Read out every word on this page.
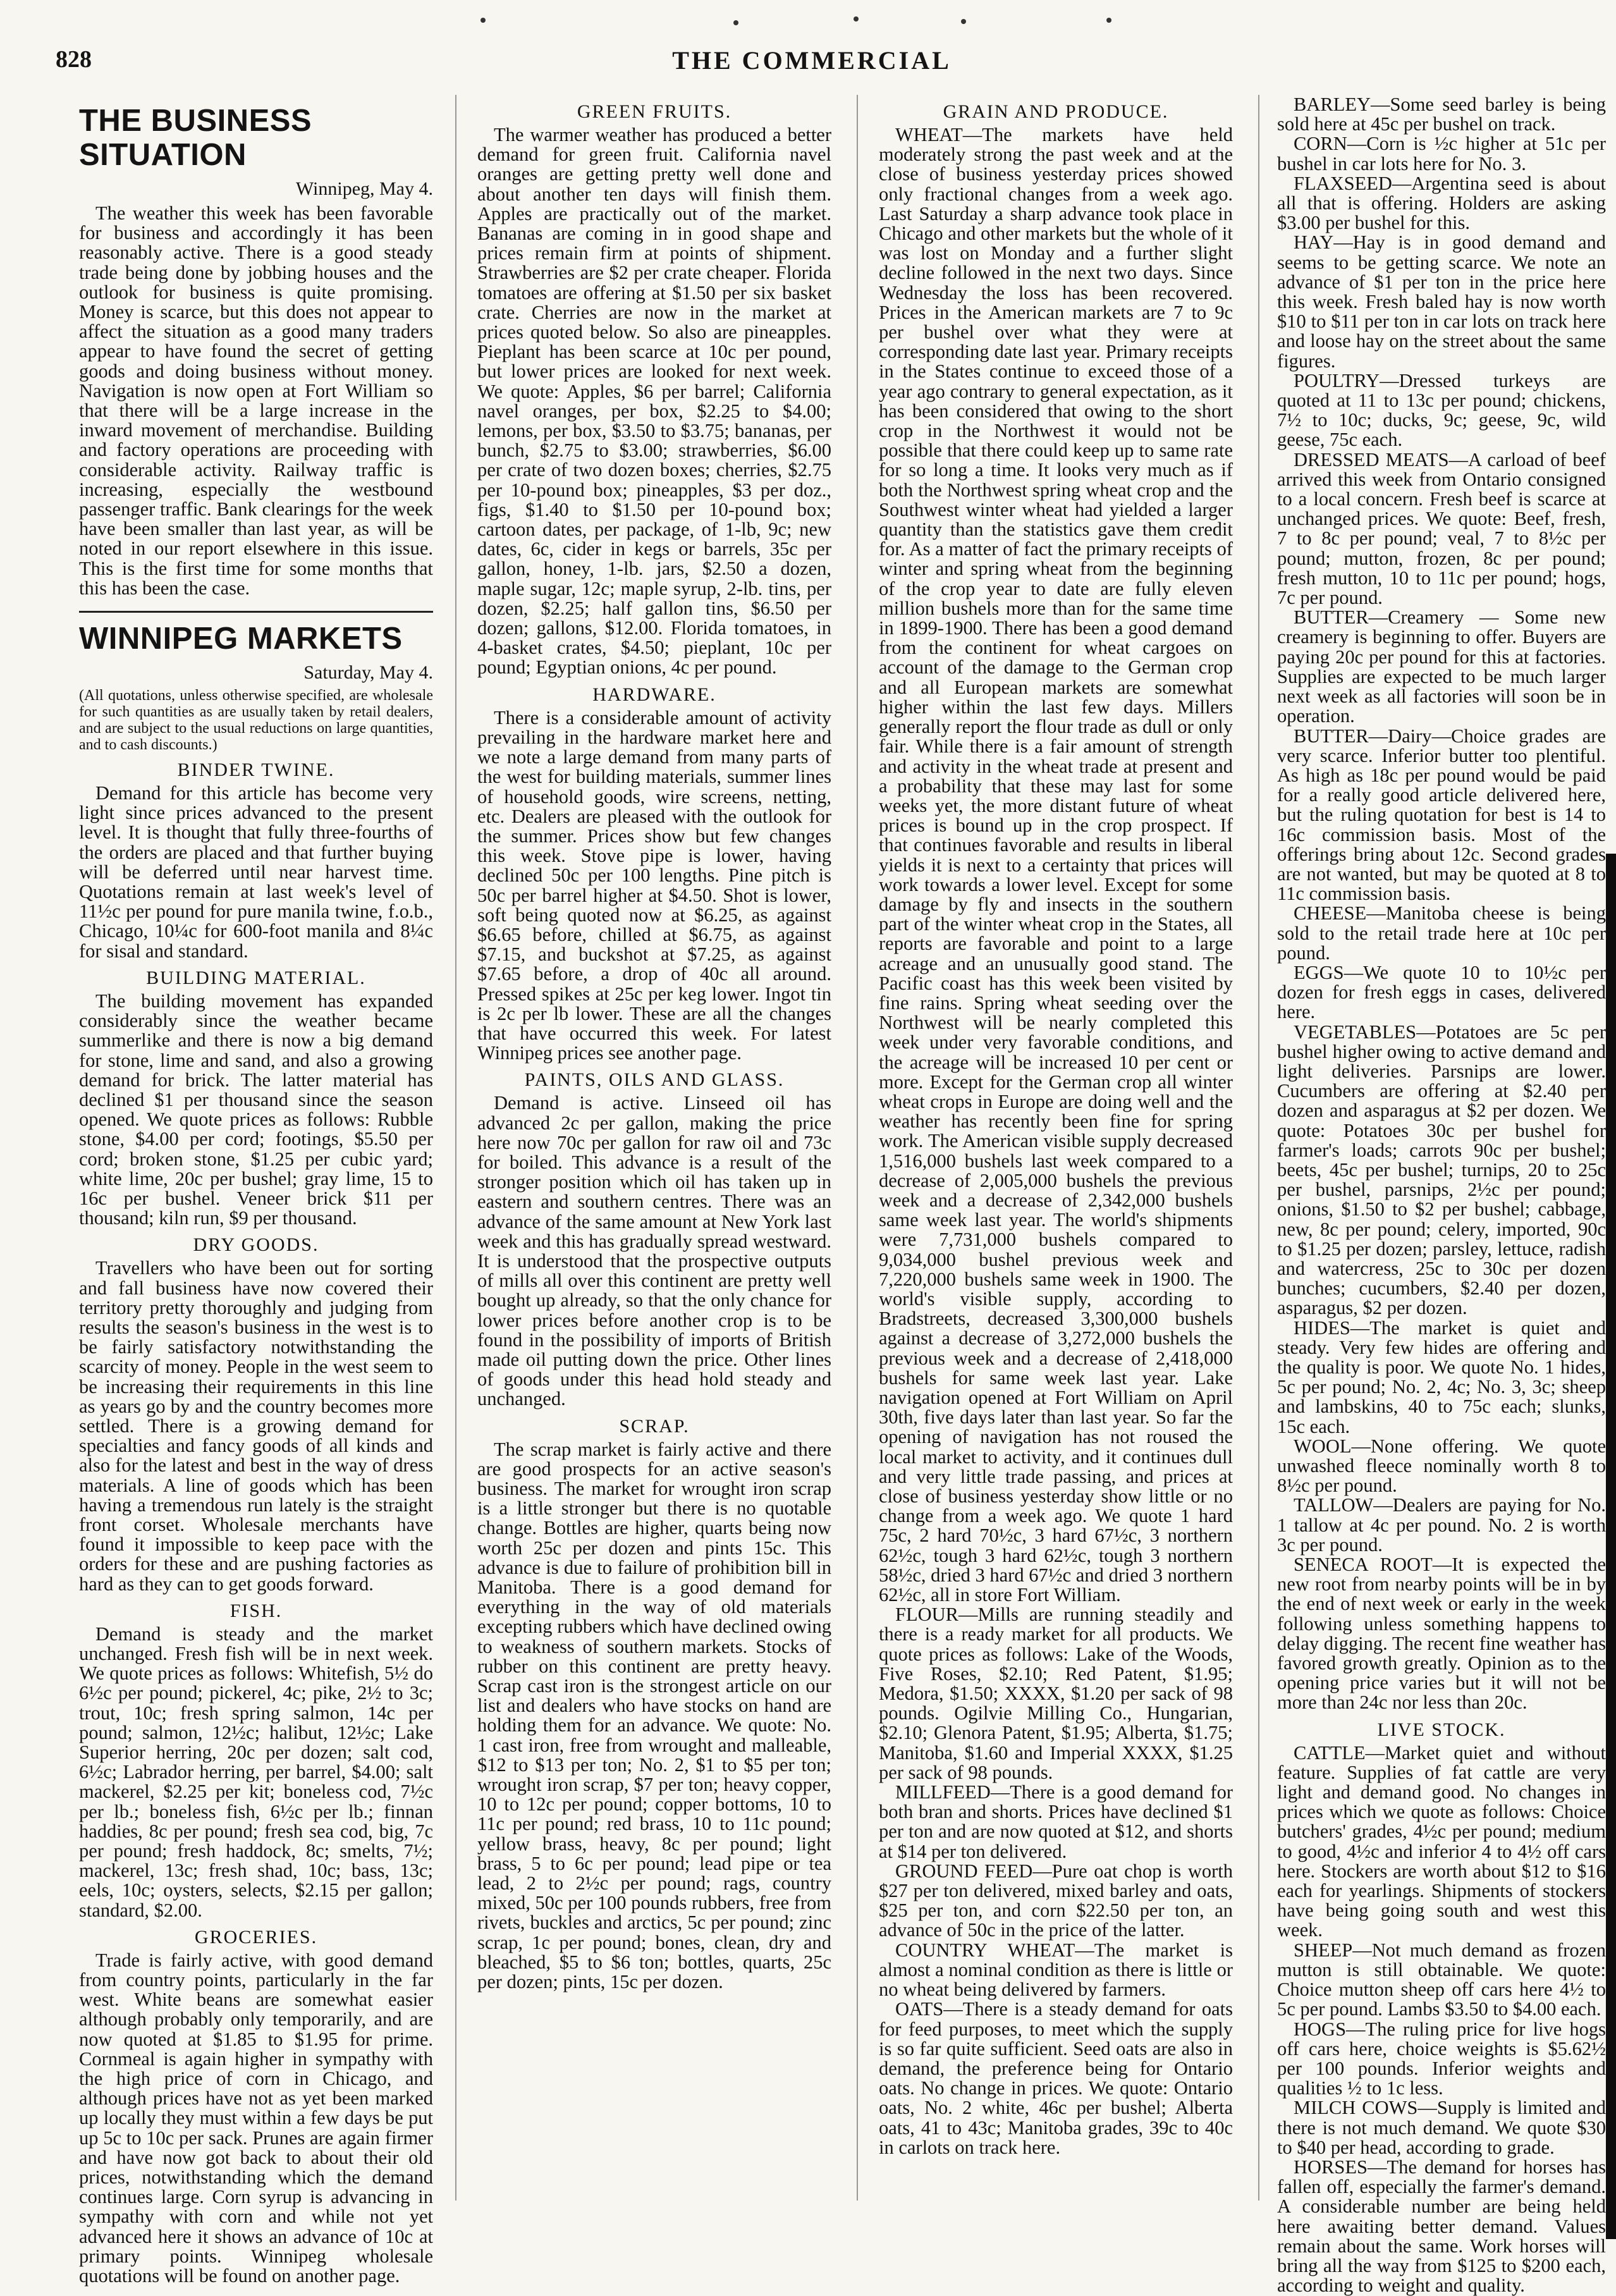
828	THE COMMERCIAL
THE BUSINESS SITUATION
Winnipeg, May 4.

The weather this week has been favorable for business and accordingly it has been reasonably active. There is a good steady trade being done by jobbing houses and the outlook for business is quite promising. Money is scarce, but this does not appear to affect the situation as a good many traders appear to have found the secret of getting goods and doing business without money. Navigation is now open at Fort William so that there will be a large increase in the inward movement of merchandise. Building and factory operations are proceeding with considerable activity. Railway traffic is increasing, especially the westbound passenger traffic. Bank clearings for the week have been smaller than last year, as will be noted in our report elsewhere in this issue. This is the first time for some months that this has been the case.

WINNIPEG MARKETS
Saturday, May 4.
(All quotations, unless otherwise specified, are wholesale for such quantities as are usually taken by retail dealers, and are subject to the usual reductions on large quantities, and to cash discounts.)
BINDER TWINE.

Demand for this article has become very light since prices advanced to the present level. It is thought that fully three-fourths of the orders are placed and that further buying will be deferred until near harvest time. Quotations remain at last week's level of 11½c per pound for pure manila twine, f.o.b., Chicago, 10¼c for 600-foot manila and 8¼c for sisal and standard.

BUILDING MATERIAL.

The building movement has expanded considerably since the weather became summerlike and there is now a big demand for stone, lime and sand, and also a growing demand for brick. The latter material has declined $1 per thousand since the season opened. We quote prices as follows: Rubble stone, $4.00 per cord; footings, $5.50 per cord; broken stone, $1.25 per cubic yard; white lime, 20c per bushel; gray lime, 15 to 16c per bushel. Veneer brick $11 per thousand; kiln run, $9 per thousand.

DRY GOODS.

Travellers who have been out for sorting and fall business have now covered their territory pretty thoroughly and judging from results the season's business in the west is to be fairly satisfactory notwithstanding the scarcity of money. People in the west seem to be increasing their requirements in this line as years go by and the country becomes more settled. There is a growing demand for specialties and fancy goods of all kinds and also for the latest and best in the way of dress materials. A line of goods which has been having a tremendous run lately is the straight front corset. Wholesale merchants have found it impossible to keep pace with the orders for these and are pushing factories as hard as they can to get goods forward.

FISH.

Demand is steady and the market unchanged. Fresh fish will be in next week. We quote prices as follows: Whitefish, 5½ do 6½c per pound; pickerel, 4c; pike, 2½ to 3c; trout, 10c; fresh spring salmon, 14c per pound; salmon, 12½c; halibut, 12½c; Lake Superior herring, 20c per dozen; salt cod, 6½c; Labrador herring, per barrel, $4.00; salt mackerel, $2.25 per kit; boneless cod, 7½c per lb.; boneless fish, 6½c per lb.; finnan haddies, 8c per pound; fresh sea cod, big, 7c per pound; fresh haddock, 8c; smelts, 7½; mackerel, 13c; fresh shad, 10c; bass, 13c; eels, 10c; oysters, selects, $2.15 per gallon; standard, $2.00.

GROCERIES.

Trade is fairly active, with good demand from country points, particularly in the far west. White beans are somewhat easier although probably only temporarily, and are now quoted at $1.85 to $1.95 for prime. Cornmeal is again higher in sympathy with the high price of corn in Chicago, and although prices have not as yet been marked up locally they must within a few days be put up 5c to 10c per sack. Prunes are again firmer and have now got back to about their old prices, notwithstanding which the demand continues large. Corn syrup is advancing in sympathy with corn and while not yet advanced here it shows an advance of 10c at primary points. Winnipeg wholesale quotations will be found on another page.

GREEN FRUITS.

The warmer weather has produced a better demand for green fruit. California navel oranges are getting pretty well done and about another ten days will finish them. Apples are practically out of the market. Bananas are coming in in good shape and prices remain firm at points of shipment. Strawberries are $2 per crate cheaper. Florida tomatoes are offering at $1.50 per six basket crate. Cherries are now in the market at prices quoted below. So also are pineapples. Pieplant has been scarce at 10c per pound, but lower prices are looked for next week. We quote: Apples, $6 per barrel; California navel oranges, per box, $2.25 to $4.00; lemons, per box, $3.50 to $3.75; bananas, per bunch, $2.75 to $3.00; strawberries, $6.00 per crate of two dozen boxes; cherries, $2.75 per 10-pound box; pineapples, $3 per doz., figs, $1.40 to $1.50 per 10-pound box; cartoon dates, per package, of 1-lb, 9c; new dates, 6c, cider in kegs or barrels, 35c per gallon, honey, 1-lb. jars, $2.50 a dozen, maple sugar, 12c; maple syrup, 2-lb. tins, per dozen, $2.25; half gallon tins, $6.50 per dozen; gallons, $12.00. Florida tomatoes, in 4-basket crates, $4.50; pieplant, 10c per pound; Egyptian onions, 4c per pound.

HARDWARE.

There is a considerable amount of activity prevailing in the hardware market here and we note a large demand from many parts of the west for building materials, summer lines of household goods, wire screens, netting, etc. Dealers are pleased with the outlook for the summer. Prices show but few changes this week. Stove pipe is lower, having declined 50c per 100 lengths. Pine pitch is 50c per barrel higher at $4.50. Shot is lower, soft being quoted now at $6.25, as against $6.65 before, chilled at $6.75, as against $7.15, and buckshot at $7.25, as against $7.65 before, a drop of 40c all around. Pressed spikes at 25c per keg lower. Ingot tin is 2c per lb lower. These are all the changes that have occurred this week. For latest Winnipeg prices see another page.

PAINTS, OILS AND GLASS.

Demand is active. Linseed oil has advanced 2c per gallon, making the price here now 70c per gallon for raw oil and 73c for boiled. This advance is a result of the stronger position which oil has taken up in eastern and southern centres. There was an advance of the same amount at New York last week and this has gradually spread westward. It is understood that the prospective outputs of mills all over this continent are pretty well bought up already, so that the only chance for lower prices before another crop is to be found in the possibility of imports of British made oil putting down the price. Other lines of goods under this head hold steady and unchanged.

SCRAP.

The scrap market is fairly active and there are good prospects for an active season's business. The market for wrought iron scrap is a little stronger but there is no quotable change. Bottles are higher, quarts being now worth 25c per dozen and pints 15c. This advance is due to failure of prohibition bill in Manitoba. There is a good demand for everything in the way of old materials excepting rubbers which have declined owing to weakness of southern markets. Stocks of rubber on this continent are pretty heavy. Scrap cast iron is the strongest article on our list and dealers who have stocks on hand are holding them for an advance. We quote: No. 1 cast iron, free from wrought and malleable, $12 to $13 per ton; No. 2, $1 to $5 per ton; wrought iron scrap, $7 per ton; heavy copper, 10 to 12c per pound; copper bottoms, 10 to 11c per pound; red brass, 10 to 11c pound; yellow brass, heavy, 8c per pound; light brass, 5 to 6c per pound; lead pipe or tea lead, 2 to 2½c per pound; rags, country mixed, 50c per 100 pounds rubbers, free from rivets, buckles and arctics, 5c per pound; zinc scrap, 1c per pound; bones, clean, dry and bleached, $5 to $6 ton; bottles, quarts, 25c per dozen; pints, 15c per dozen.

GRAIN AND PRODUCE.

WHEAT—The markets have held moderately strong the past week and at the close of business yesterday prices showed only fractional changes from a week ago. Last Saturday a sharp advance took place in Chicago and other markets but the whole of it was lost on Monday and a further slight decline followed in the next two days. Since Wednesday the loss has been recovered. Prices in the American markets are 7 to 9c per bushel over what they were at corresponding date last year. Primary receipts in the States continue to exceed those of a year ago contrary to general expectation, as it has been considered that owing to the short crop in the Northwest it would not be possible that there could keep up to same rate for so long a time. It looks very much as if both the Northwest spring wheat crop and the Southwest winter wheat had yielded a larger quantity than the statistics gave them credit for. As a matter of fact the primary receipts of winter and spring wheat from the beginning of the crop year to date are fully eleven million bushels more than for the same time in 1899-1900. There has been a good demand from the continent for wheat cargoes on account of the damage to the German crop and all European markets are somewhat higher within the last few days. Millers generally report the flour trade as dull or only fair. While there is a fair amount of strength and activity in the wheat trade at present and a probability that these may last for some weeks yet, the more distant future of wheat prices is bound up in the crop prospect. If that continues favorable and results in liberal yields it is next to a certainty that prices will work towards a lower level. Except for some damage by fly and insects in the southern part of the winter wheat crop in the States, all reports are favorable and point to a large acreage and an unusually good stand. The Pacific coast has this week been visited by fine rains. Spring wheat seeding over the Northwest will be nearly completed this week under very favorable conditions, and the acreage will be increased 10 per cent or more. Except for the German crop all winter wheat crops in Europe are doing well and the weather has recently been fine for spring work. The American visible supply decreased 1,516,000 bushels last week compared to a decrease of 2,005,000 bushels the previous week and a decrease of 2,342,000 bushels same week last year. The world's shipments were 7,731,000 bushels compared to 9,034,000 bushel previous week and 7,220,000 bushels same week in 1900. The world's visible supply, according to Bradstreets, decreased 3,300,000 bushels against a decrease of 3,272,000 bushels the previous week and a decrease of 2,418,000 bushels for same week last year. Lake navigation opened at Fort William on April 30th, five days later than last year. So far the opening of navigation has not roused the local market to activity, and it continues dull and very little trade passing, and prices at close of business yesterday show little or no change from a week ago. We quote 1 hard 75c, 2 hard 70½c, 3 hard 67½c, 3 northern 62½c, tough 3 hard 62½c, tough 3 northern 58½c, dried 3 hard 67½c and dried 3 northern 62½c, all in store Fort William.

FLOUR—Mills are running steadily and there is a ready market for all products. We quote prices as follows: Lake of the Woods, Five Roses, $2.10; Red Patent, $1.95; Medora, $1.50; XXXX, $1.20 per sack of 98 pounds. Ogilvie Milling Co., Hungarian, $2.10; Glenora Patent, $1.95; Alberta, $1.75; Manitoba, $1.60 and Imperial XXXX, $1.25 per sack of 98 pounds.

MILLFEED—There is a good demand for both bran and shorts. Prices have declined $1 per ton and are now quoted at $12, and shorts at $14 per ton delivered.

GROUND FEED—Pure oat chop is worth $27 per ton delivered, mixed barley and oats, $25 per ton, and corn $22.50 per ton, an advance of 50c in the price of the latter.

COUNTRY WHEAT—The market is almost a nominal condition as there is little or no wheat being delivered by farmers.

OATS—There is a steady demand for oats for feed purposes, to meet which the supply is so far quite sufficient. Seed oats are also in demand, the preference being for Ontario oats. No change in prices. We quote: Ontario oats, No. 2 white, 46c per bushel; Alberta oats, 41 to 43c; Manitoba grades, 39c to 40c in carlots on track here.

BARLEY—Some seed barley is being sold here at 45c per bushel on track.

CORN—Corn is ½c higher at 51c per bushel in car lots here for No. 3.

FLAXSEED—Argentina seed is about all that is offering. Holders are asking $3.00 per bushel for this.

HAY—Hay is in good demand and seems to be getting scarce. We note an advance of $1 per ton in the price here this week. Fresh baled hay is now worth $10 to $11 per ton in car lots on track here and loose hay on the street about the same figures.

POULTRY—Dressed turkeys are quoted at 11 to 13c per pound; chickens, 7½ to 10c; ducks, 9c; geese, 9c, wild geese, 75c each.

DRESSED MEATS—A carload of beef arrived this week from Ontario consigned to a local concern. Fresh beef is scarce at unchanged prices. We quote: Beef, fresh, 7 to 8c per pound; veal, 7 to 8½c per pound; mutton, frozen, 8c per pound; fresh mutton, 10 to 11c per pound; hogs, 7c per pound.

BUTTER—Creamery — Some new creamery is beginning to offer. Buyers are paying 20c per pound for this at factories. Supplies are expected to be much larger next week as all factories will soon be in operation.

BUTTER—Dairy—Choice grades are very scarce. Inferior butter too plentiful. As high as 18c per pound would be paid for a really good article delivered here, but the ruling quotation for best is 14 to 16c commission basis. Most of the offerings bring about 12c. Second grades are not wanted, but may be quoted at 8 to 11c commission basis.

CHEESE—Manitoba cheese is being sold to the retail trade here at 10c per pound.

EGGS—We quote 10 to 10½c per dozen for fresh eggs in cases, delivered here.

VEGETABLES—Potatoes are 5c per bushel higher owing to active demand and light deliveries. Parsnips are lower. Cucumbers are offering at $2.40 per dozen and asparagus at $2 per dozen. We quote: Potatoes 30c per bushel for farmer's loads; carrots 90c per bushel; beets, 45c per bushel; turnips, 20 to 25c per bushel, parsnips, 2½c per pound; onions, $1.50 to $2 per bushel; cabbage, new, 8c per pound; celery, imported, 90c to $1.25 per dozen; parsley, lettuce, radish and watercress, 25c to 30c per dozen bunches; cucumbers, $2.40 per dozen, asparagus, $2 per dozen.

HIDES—The market is quiet and steady. Very few hides are offering and the quality is poor. We quote No. 1 hides, 5c per pound; No. 2, 4c; No. 3, 3c; sheep and lambskins, 40 to 75c each; slunks, 15c each.

WOOL—None offering. We quote unwashed fleece nominally worth 8 to 8½c per pound.

TALLOW—Dealers are paying for No. 1 tallow at 4c per pound. No. 2 is worth 3c per pound.

SENECA ROOT—It is expected the new root from nearby points will be in by the end of next week or early in the week following unless something happens to delay digging. The recent fine weather has favored growth greatly. Opinion as to the opening price varies but it will not be more than 24c nor less than 20c.

LIVE STOCK.

CATTLE—Market quiet and without feature. Supplies of fat cattle are very light and demand good. No changes in prices which we quote as follows: Choice butchers' grades, 4½c per pound; medium to good, 4½c and inferior 4 to 4½ off cars here. Stockers are worth about $12 to $16 each for yearlings. Shipments of stockers have being going south and west this week.

SHEEP—Not much demand as frozen mutton is still obtainable. We quote: Choice mutton sheep off cars here 4½ to 5c per pound. Lambs $3.50 to $4.00 each.

HOGS—The ruling price for live hogs off cars here, choice weights is $5.62½ per 100 pounds. Inferior weights and qualities ½ to 1c less.

MILCH COWS—Supply is limited and there is not much demand. We quote $30 to $40 per head, according to grade.

HORSES—The demand for horses has fallen off, especially the farmer's demand. A considerable number are being held here awaiting better demand. Values remain about the same. Work horses will bring all the way from $125 to $200 each, according to weight and quality.
